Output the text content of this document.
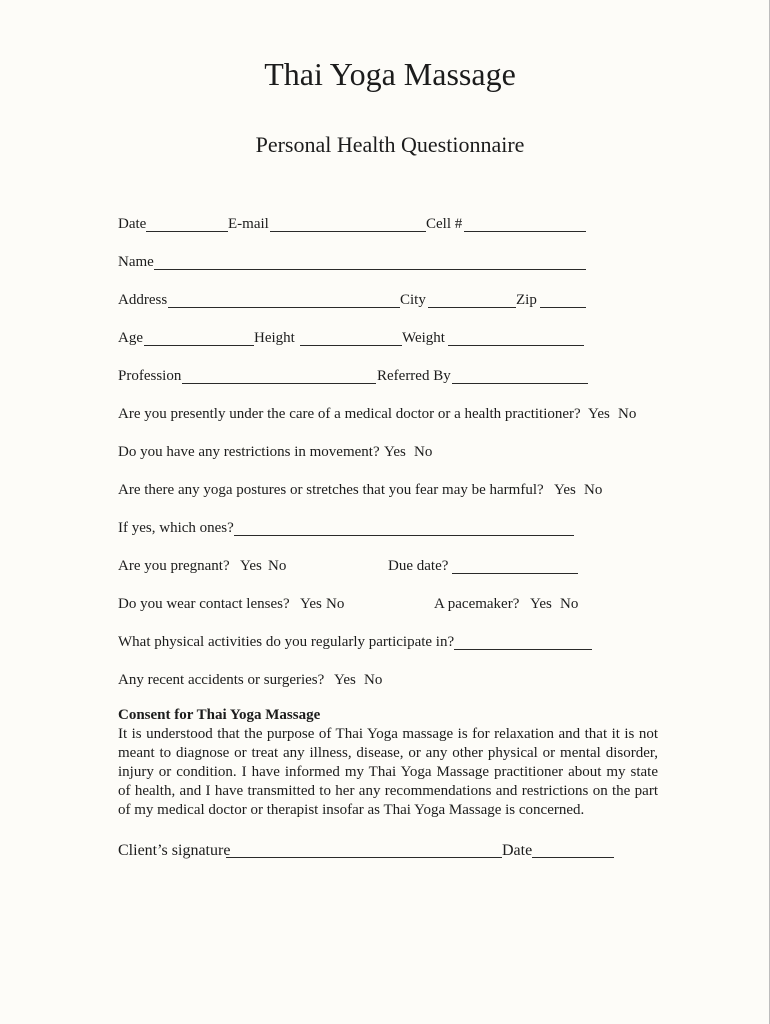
Thai Yoga Massage
Personal Health Questionnaire
Date	E-mail	Cell #
Name
Address	City	Zip
Age	Height	Weight
Profession	Referred By
Are you presently under the care of a medical doctor or a health practitioner? Yes No
Do you have any restrictions in movement? Yes No
Are there any yoga postures or stretches that you fear may be harmful? Yes No
If yes, which ones?
Are you pregnant? Yes No	Due date?
Do you wear contact lenses? Yes No	A pacemaker? Yes No
What physical activities do you regularly participate in?
Any recent accidents or surgeries? Yes No
Consent for Thai Yoga Massage
It is understood that the purpose of Thai Yoga massage is for relaxation and that it is not meant to diagnose or treat any illness, disease, or any other physical or mental disorder, injury or condition. I have informed my Thai Yoga Massage practitioner about my state of health, and I have transmitted to her any recommendations and restrictions on the part of my medical doctor or therapist insofar as Thai Yoga Massage is concerned.
Client’s signature	Date
